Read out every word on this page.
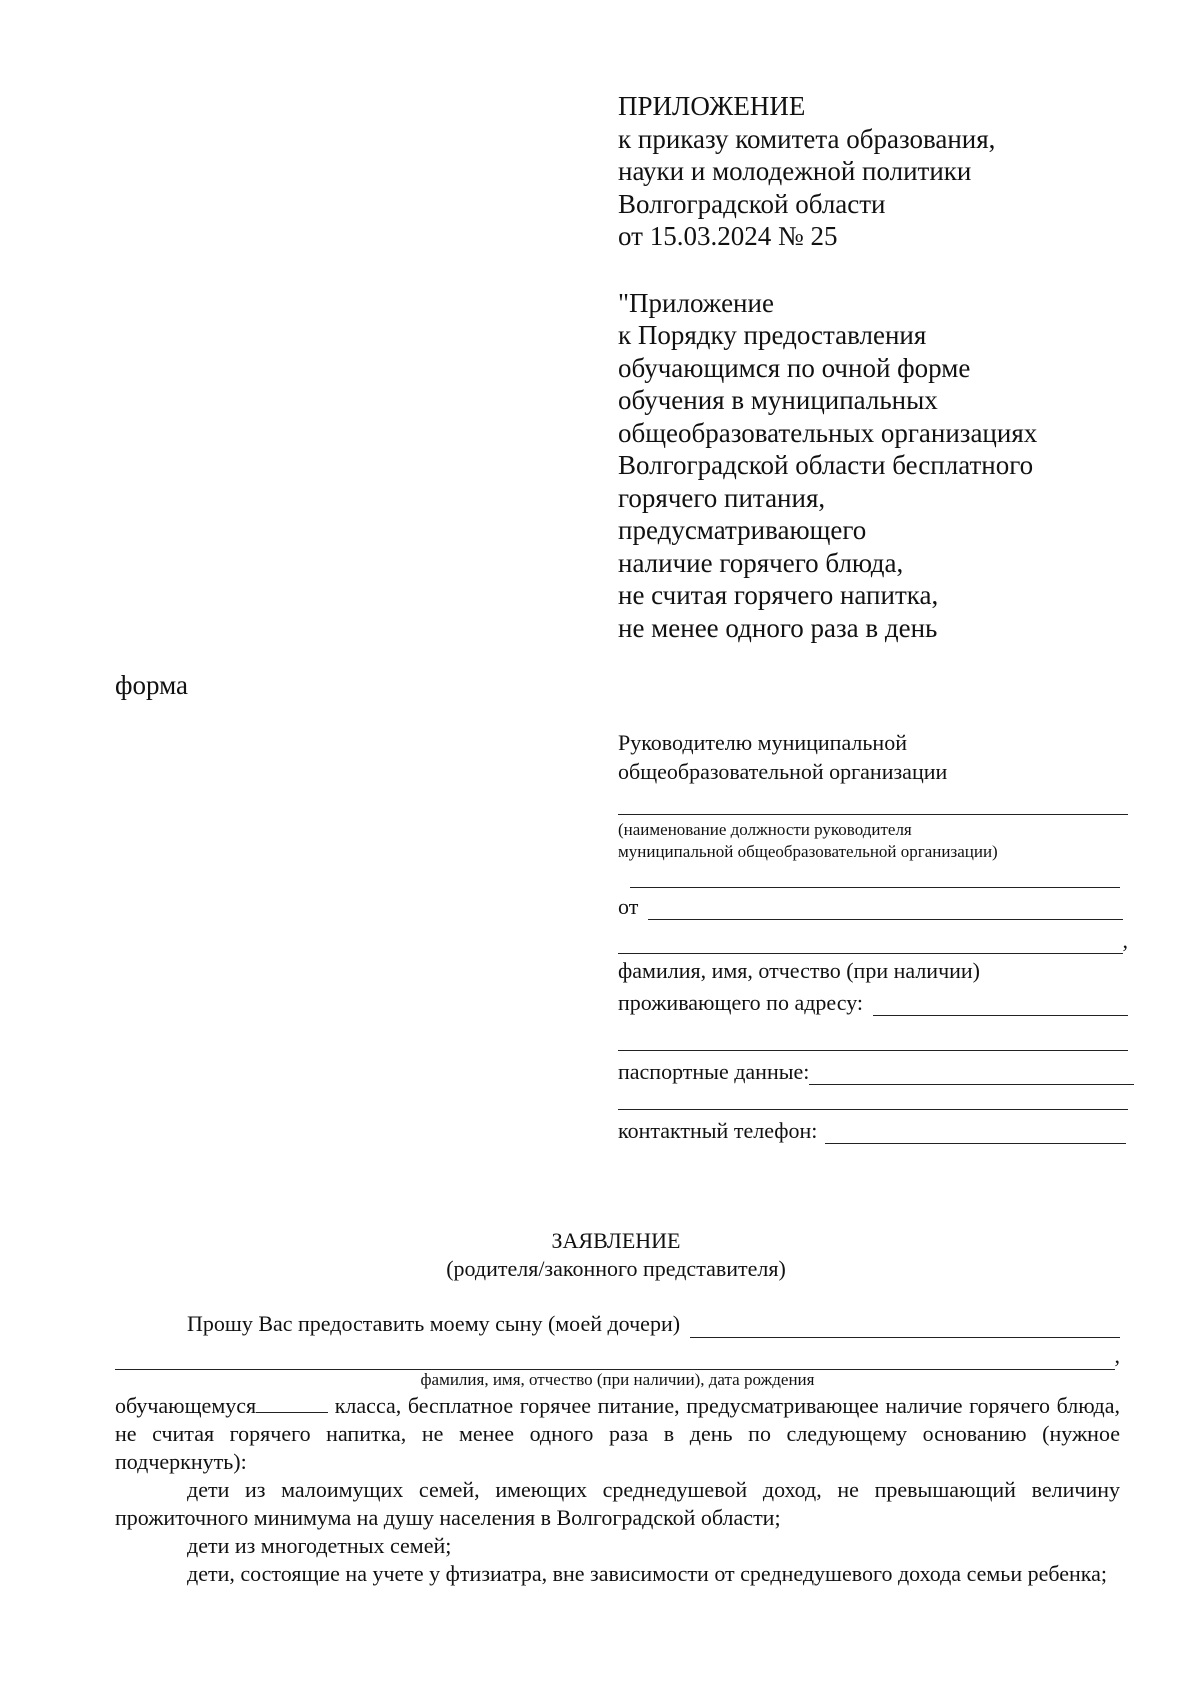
ПРИЛОЖЕНИЕ
к приказу комитета образования,
науки и молодежной политики
Волгоградской области
от 15.03.2024 № 25
"Приложение
к Порядку предоставления
обучающимся по очной форме
обучения в муниципальных
общеобразовательных организациях
Волгоградской области бесплатного
горячего питания,
предусматривающего
наличие горячего блюда,
не считая горячего напитка,
не менее одного раза в день
форма
Руководителю муниципальной
общеобразовательной организации
(наименование должности руководителя
муниципальной общеобразовательной организации)
от
,
фамилия, имя, отчество (при наличии)
проживающего по адресу:
паспортные данные:
контактный телефон:
ЗАЯВЛЕНИЕ
(родителя/законного представителя)
Прошу Вас предоставить моему сыну (моей дочери)
,
фамилия, имя, отчество (при наличии), дата рождения
обучающемуся	класса, бесплатное горячее питание, предусматривающее наличие горячего блюда, не считая горячего напитка, не менее одного раза в день по следующему основанию (нужное подчеркнуть):
дети из малоимущих семей, имеющих среднедушевой доход, не превышающий величину прожиточного минимума на душу населения в Волгоградской области;
дети из многодетных семей;
дети, состоящие на учете у фтизиатра, вне зависимости от среднедушевого дохода семьи ребенка;
